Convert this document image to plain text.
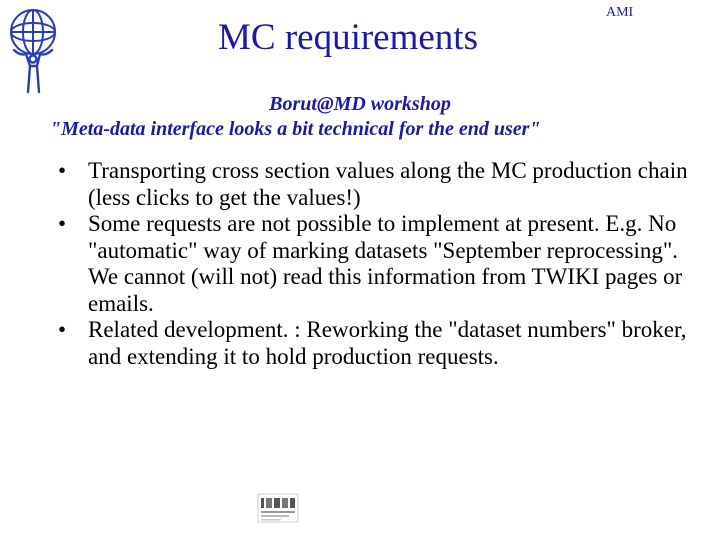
MC requirements
AMI
Borut@MD workshop
"Meta-data interface looks a bit technical for the end user"
• Transporting cross section values along the MC production chain (less clicks to get the values!)
• Some requests are not possible to implement at present. E.g. No "automatic" way of marking datasets "September reprocessing". We cannot (will not) read this information from TWIKI pages or emails.
• Related development. : Reworking the "dataset numbers" broker, and extending it to hold production requests.
